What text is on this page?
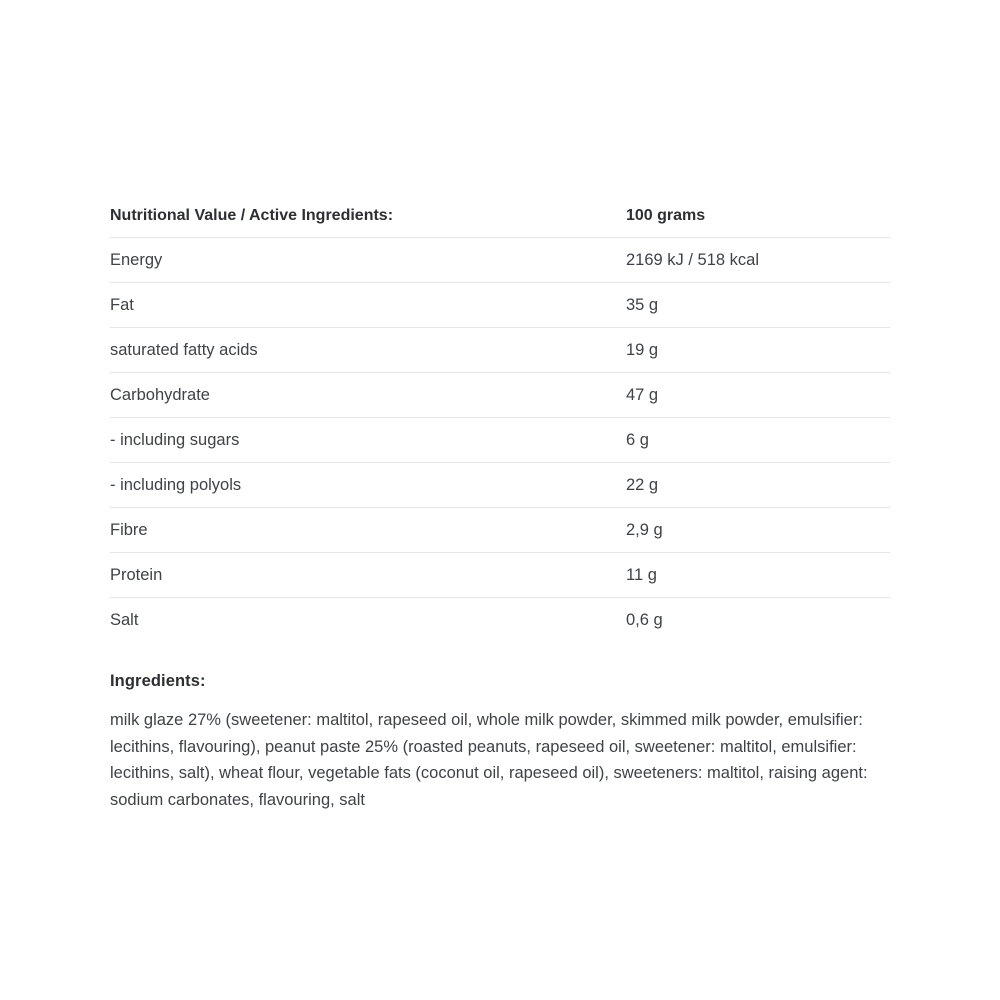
Nutritional Value / Active Ingredients:	100 grams
Energy	2169 kJ / 518 kcal
Fat	35 g
saturated fatty acids	19 g
Carbohydrate	47 g
- including sugars	6 g
- including polyols	22 g
Fibre	2,9 g
Protein	11 g
Salt	0,6 g
Ingredients:
milk glaze 27% (sweetener: maltitol, rapeseed oil, whole milk powder, skimmed milk powder, emulsifier: lecithins, flavouring), peanut paste 25% (roasted peanuts, rapeseed oil, sweetener: maltitol, emulsifier: lecithins, salt), wheat flour, vegetable fats (coconut oil, rapeseed oil), sweeteners: maltitol, raising agent: sodium carbonates, flavouring, salt
